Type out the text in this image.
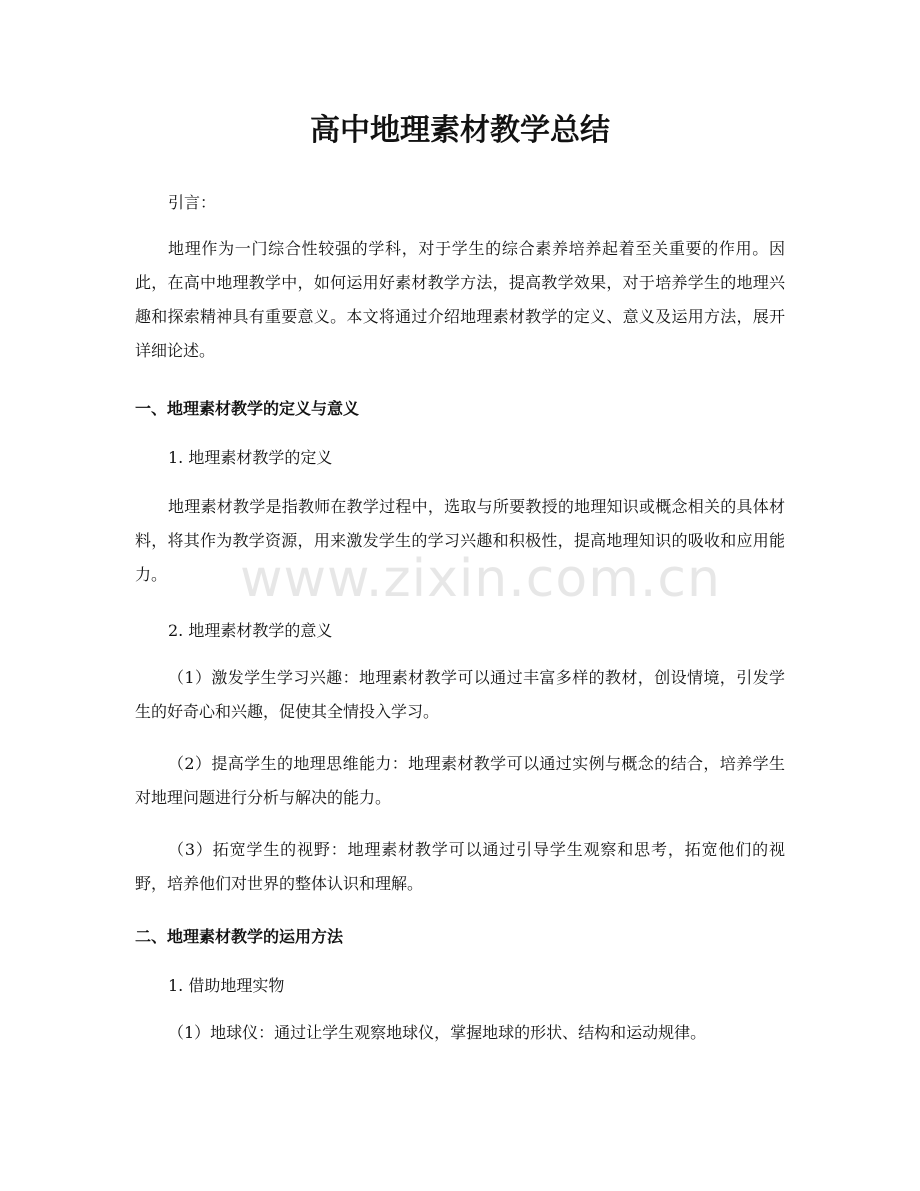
高中地理素材教学总结

引言：

地理作为一门综合性较强的学科，对于学生的综合素养培养起着至关重要的作用。因此，在高中地理教学中，如何运用好素材教学方法，提高教学效果，对于培养学生的地理兴趣和探索精神具有重要意义。本文将通过介绍地理素材教学的定义、意义及运用方法，展开详细论述。

一、地理素材教学的定义与意义

1. 地理素材教学的定义

地理素材教学是指教师在教学过程中，选取与所要教授的地理知识或概念相关的具体材料，将其作为教学资源，用来激发学生的学习兴趣和积极性，提高地理知识的吸收和应用能力。

2. 地理素材教学的意义

（1）激发学生学习兴趣：地理素材教学可以通过丰富多样的教材，创设情境，引发学生的好奇心和兴趣，促使其全情投入学习。

（2）提高学生的地理思维能力：地理素材教学可以通过实例与概念的结合，培养学生对地理问题进行分析与解决的能力。

（3）拓宽学生的视野：地理素材教学可以通过引导学生观察和思考，拓宽他们的视野，培养他们对世界的整体认识和理解。

二、地理素材教学的运用方法

1. 借助地理实物

（1）地球仪：通过让学生观察地球仪，掌握地球的形状、结构和运动规律。

www.zixin.com.cn
